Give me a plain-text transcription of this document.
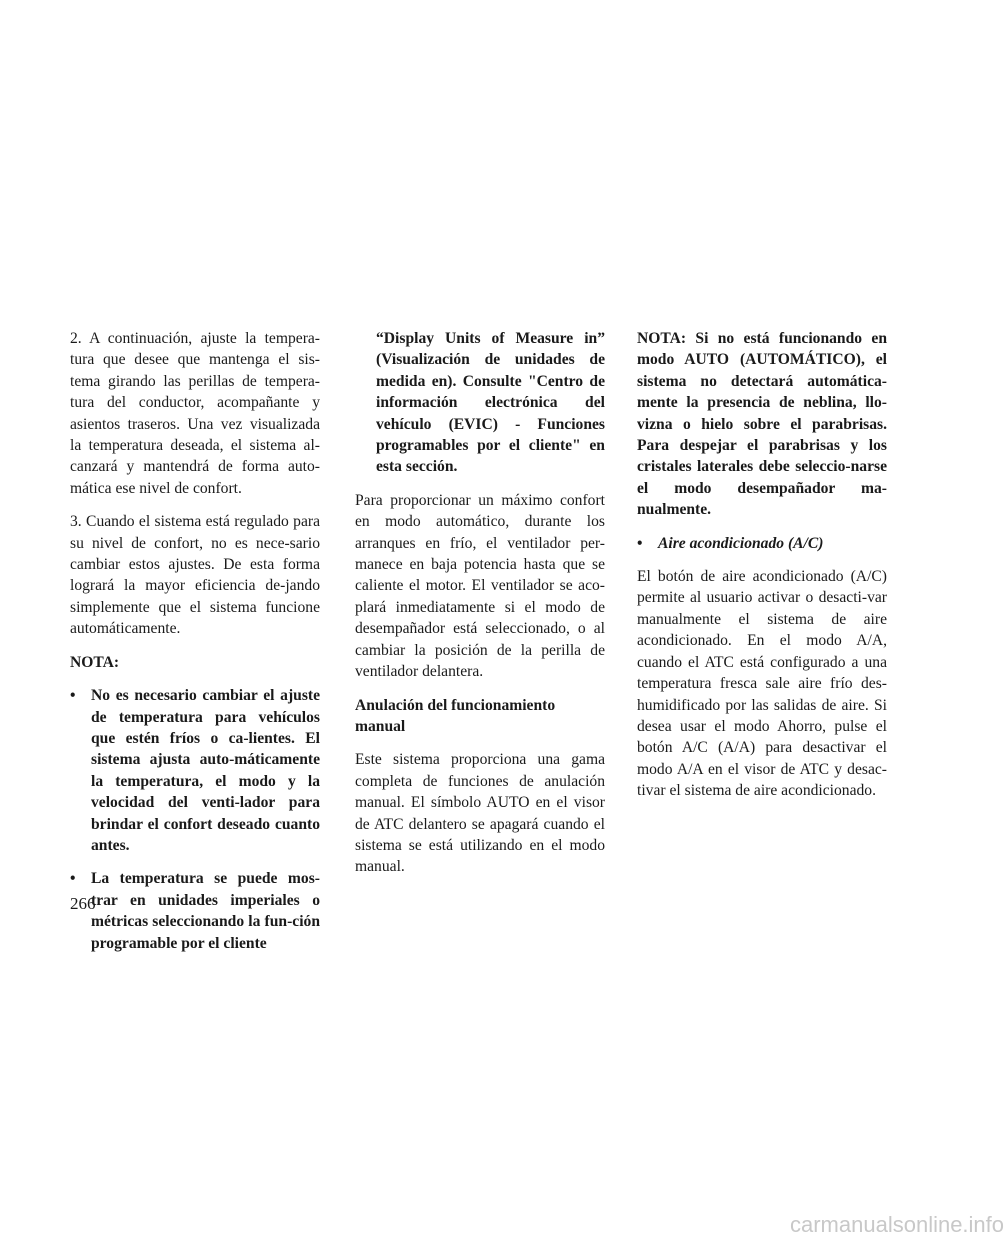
2. A continuación, ajuste la tempera-tura que desee que mantenga el sis-tema girando las perillas de tempera-tura del conductor, acompañante y asientos traseros. Una vez visualizada la temperatura deseada, el sistema al-canzará y mantendrá de forma auto-mática ese nivel de confort.

3. Cuando el sistema está regulado para su nivel de confort, no es nece-sario cambiar estos ajustes. De esta forma logrará la mayor eficiencia de-jando simplemente que el sistema funcione automáticamente.

NOTA:

• No es necesario cambiar el ajuste de temperatura para vehículos que estén fríos o ca-lientes. El sistema ajusta auto-máticamente la temperatura, el modo y la velocidad del venti-lador para brindar el confort deseado cuanto antes.
• La temperatura se puede mos-trar en unidades imperiales o métricas seleccionando la fun-ción programable por el cliente

“Display Units of Measure in” (Visualización de unidades de medida en). Consulte "Centro de información electrónica del vehículo (EVIC) - Funciones programables por el cliente" en esta sección.

Para proporcionar un máximo confort en modo automático, durante los arranques en frío, el ventilador per-manece en baja potencia hasta que se caliente el motor. El ventilador se aco-plará inmediatamente si el modo de desempañador está seleccionado, o al cambiar la posición de la perilla de ventilador delantera.

Anulación del funcionamiento manual

Este sistema proporciona una gama completa de funciones de anulación manual. El símbolo AUTO en el visor de ATC delantero se apagará cuando el sistema se está utilizando en el modo manual.

NOTA: Si no está funcionando en modo AUTO (AUTOMÁTICO), el sistema no detectará automática-mente la presencia de neblina, llo-vizna o hielo sobre el parabrisas. Para despejar el parabrisas y los cristales laterales debe seleccio-narse el modo desempañador ma-nualmente.

• Aire acondicionado (A/C)

El botón de aire acondicionado (A/C) permite al usuario activar o desacti-var manualmente el sistema de aire acondicionado. En el modo A/A, cuando el ATC está configurado a una temperatura fresca sale aire frío des-humidificado por las salidas de aire. Si desea usar el modo Ahorro, pulse el botón A/C (A/A) para desactivar el modo A/A en el visor de ATC y desac-tivar el sistema de aire acondicionado.

266
carmanualsonline.info
